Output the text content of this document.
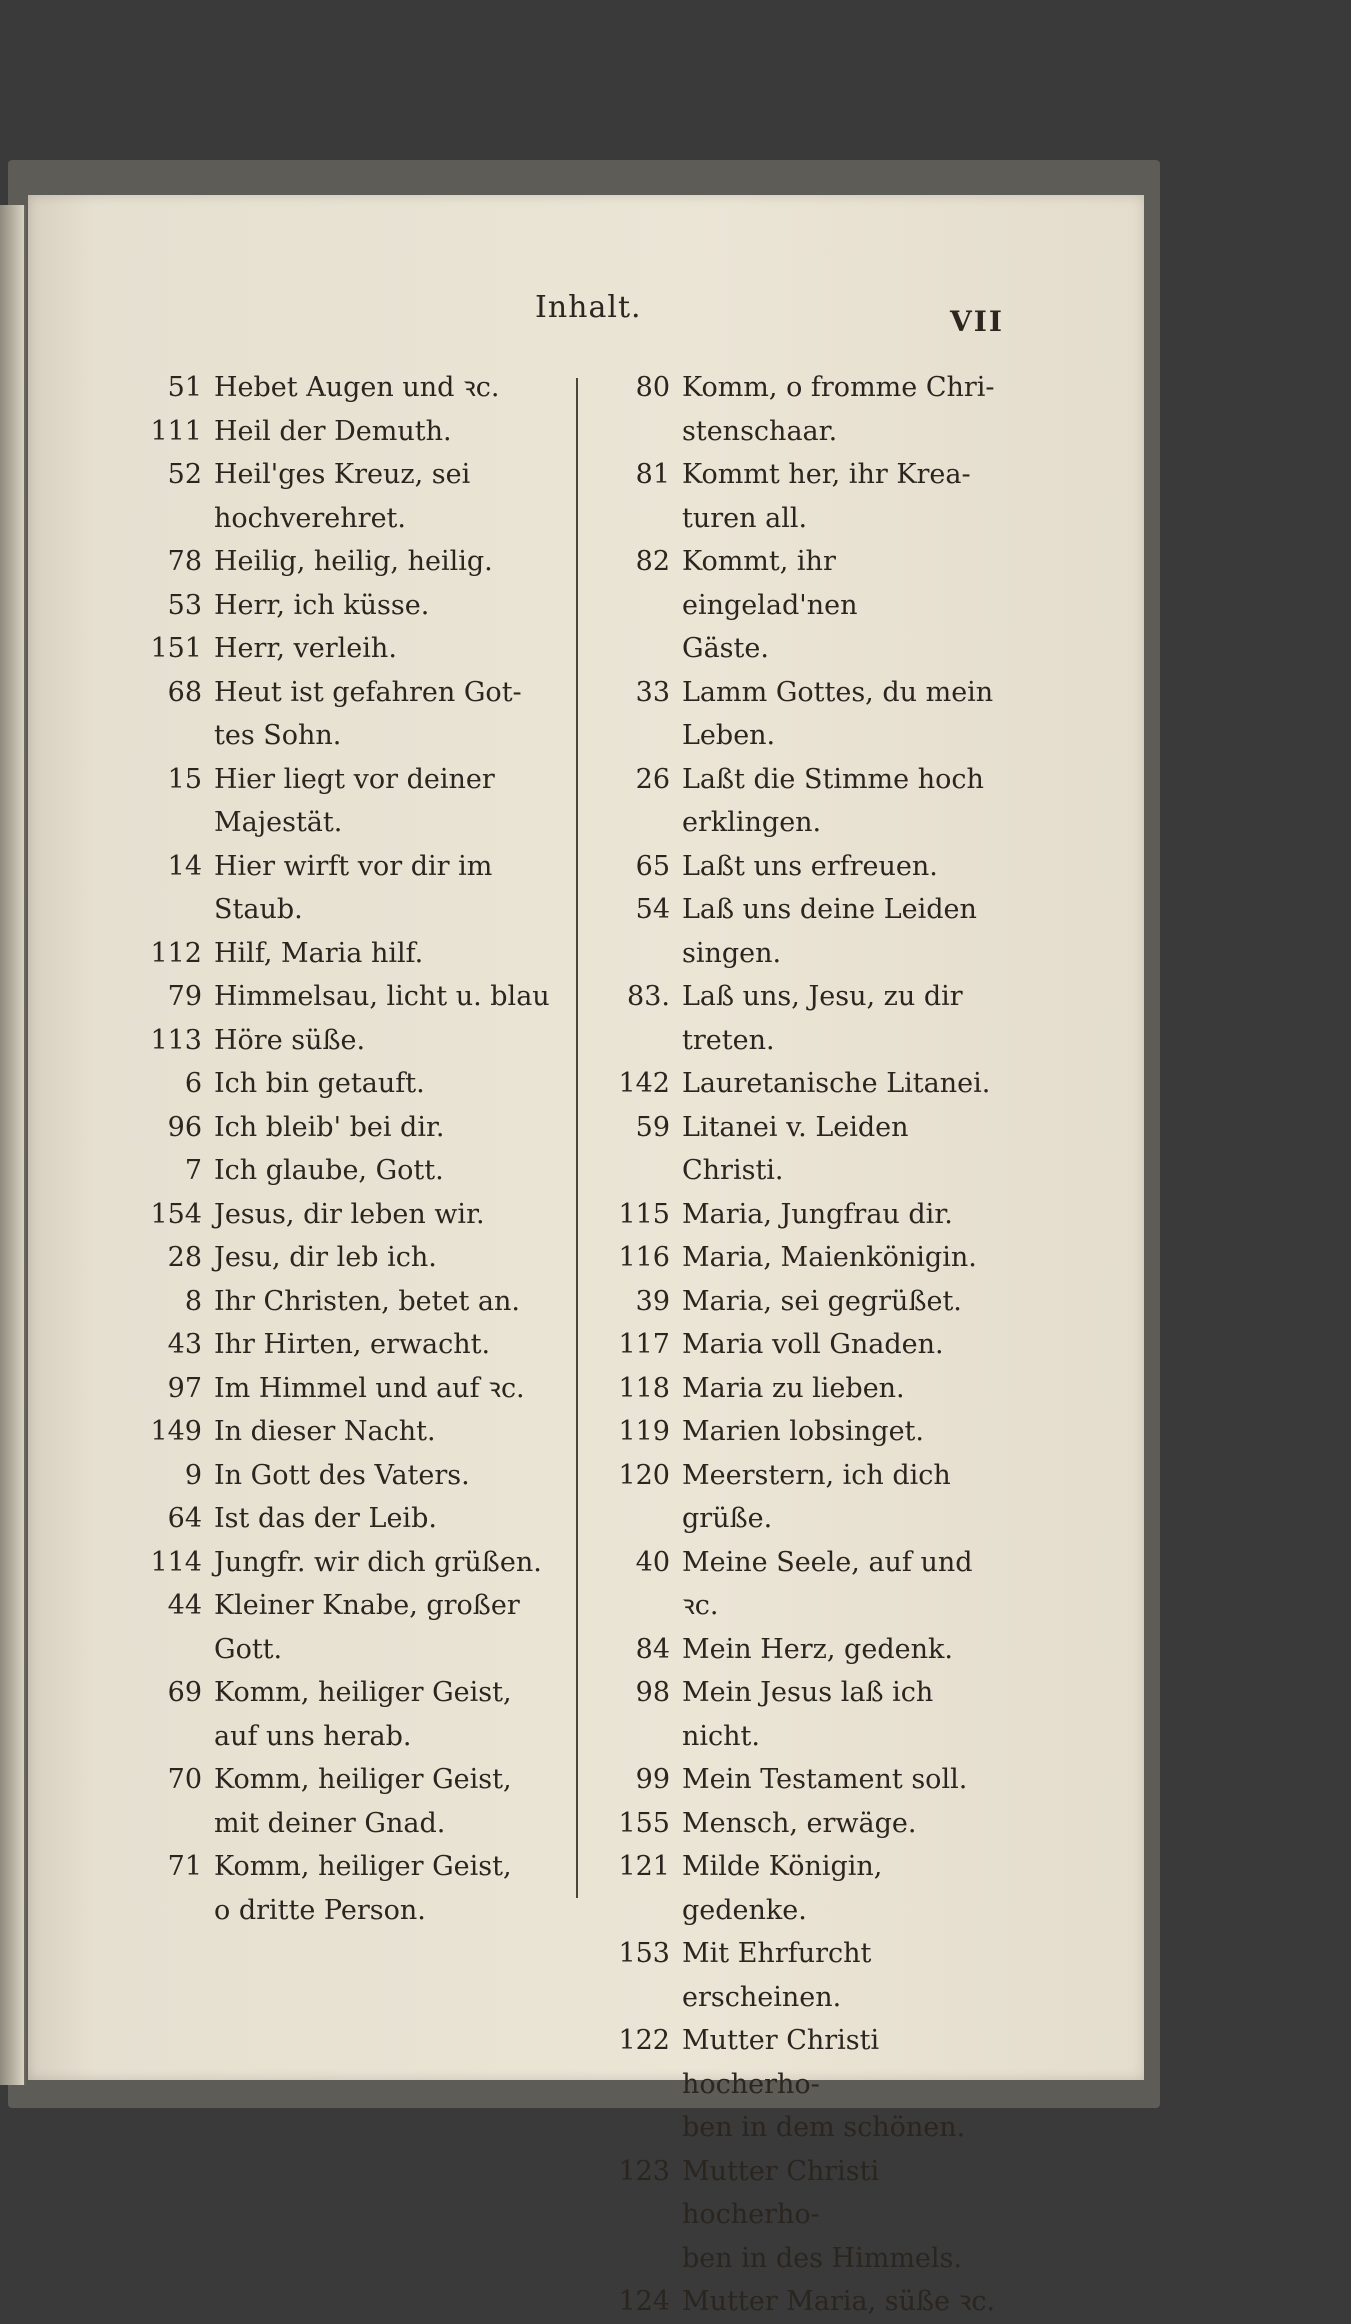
Inhalt.	VII
51 Hebet Augen und ꝛc.
111 Heil der Demuth.
52 Heil'ges Kreuz, sei
hochverehret.
78 Heilig, heilig, heilig.
53 Herr, ich küsse.
151 Herr, verleih.
68 Heut ist gefahren Got-
tes Sohn.
15 Hier liegt vor deiner
Majestät.
14 Hier wirft vor dir im
Staub.
112 Hilf, Maria hilf.
79 Himmelsau, licht u. blau
113 Höre süße.
6 Ich bin getauft.
96 Ich bleib' bei dir.
7 Ich glaube, Gott.
154 Jesus, dir leben wir.
28 Jesu, dir leb ich.
8 Ihr Christen, betet an.
43 Ihr Hirten, erwacht.
97 Im Himmel und auf ꝛc.
149 In dieser Nacht.
9 In Gott des Vaters.
64 Ist das der Leib.
114 Jungfr. wir dich grüßen.
44 Kleiner Knabe, großer
Gott.
69 Komm, heiliger Geist,
auf uns herab.
70 Komm, heiliger Geist,
mit deiner Gnad.
71 Komm, heiliger Geist,
o dritte Person.
80 Komm, o fromme Chri-
stenschaar.
81 Kommt her, ihr Krea-
turen all.
82 Kommt, ihr eingelad'nen
Gäste.
33 Lamm Gottes, du mein
Leben.
26 Laßt die Stimme hoch
erklingen.
65 Laßt uns erfreuen.
54 Laß uns deine Leiden
singen.
83. Laß uns, Jesu, zu dir
treten.
142 Lauretanische Litanei.
59 Litanei v. Leiden Christi.
115 Maria, Jungfrau dir.
116 Maria, Maienkönigin.
39 Maria, sei gegrüßet.
117 Maria voll Gnaden.
118 Maria zu lieben.
119 Marien lobsinget.
120 Meerstern, ich dich grüße.
40 Meine Seele, auf und ꝛc.
84 Mein Herz, gedenk.
98 Mein Jesus laß ich nicht.
99 Mein Testament soll.
155 Mensch, erwäge.
121 Milde Königin, gedenke.
153 Mit Ehrfurcht erscheinen.
122 Mutter Christi hocherho-
ben in dem schönen.
123 Mutter Christi hocherho-
ben in des Himmels.
124 Mutter Maria, süße ꝛc.
